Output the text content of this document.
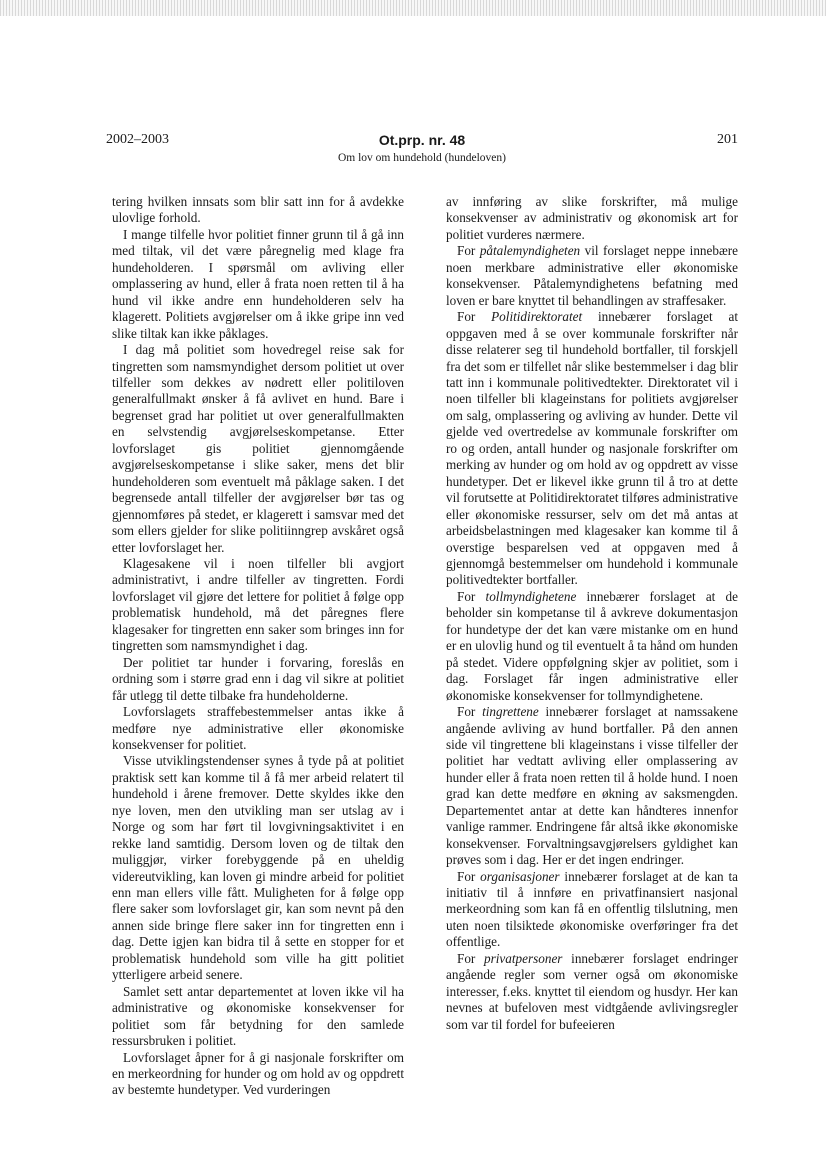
2002–2003	Ot.prp. nr. 48
Om lov om hundehold (hundeloven)
201

tering hvilken innsats som blir satt inn for å avdekke ulovlige forhold.

I mange tilfelle hvor politiet finner grunn til å gå inn med tiltak, vil det være påregnelig med klage fra hundeholderen. I spørsmål om avliving eller omplassering av hund, eller å frata noen retten til å ha hund vil ikke andre enn hundeholderen selv ha klagerett. Politiets avgjørelser om å ikke gripe inn ved slike tiltak kan ikke påklages.

I dag må politiet som hovedregel reise sak for tingretten som namsmyndighet dersom politiet ut over tilfeller som dekkes av nødrett eller politiloven generalfullmakt ønsker å få avlivet en hund. Bare i begrenset grad har politiet ut over generalfullmakten en selvstendig avgjørelseskompetanse. Etter lovforslaget gis politiet gjennomgående avgjørelseskompetanse i slike saker, mens det blir hundeholderen som eventuelt må påklage saken. I det begrensede antall tilfeller der avgjørelser bør tas og gjennomføres på stedet, er klagerett i samsvar med det som ellers gjelder for slike politiinngrep avskåret også etter lovforslaget her.

Klagesakene vil i noen tilfeller bli avgjort administrativt, i andre tilfeller av tingretten. Fordi lovforslaget vil gjøre det lettere for politiet å følge opp problematisk hundehold, må det påregnes flere klagesaker for tingretten enn saker som bringes inn for tingretten som namsmyndighet i dag.

Der politiet tar hunder i forvaring, foreslås en ordning som i større grad enn i dag vil sikre at politiet får utlegg til dette tilbake fra hundeholderne.

Lovforslagets straffebestemmelser antas ikke å medføre nye administrative eller økonomiske konsekvenser for politiet.

Visse utviklingstendenser synes å tyde på at politiet praktisk sett kan komme til å få mer arbeid relatert til hundehold i årene fremover. Dette skyldes ikke den nye loven, men den utvikling man ser utslag av i Norge og som har ført til lovgivningsaktivitet i en rekke land samtidig. Dersom loven og de tiltak den muliggjør, virker forebyggende på en uheldig videreutvikling, kan loven gi mindre arbeid for politiet enn man ellers ville fått. Muligheten for å følge opp flere saker som lovforslaget gir, kan som nevnt på den annen side bringe flere saker inn for tingretten enn i dag. Dette igjen kan bidra til å sette en stopper for et problematisk hundehold som ville ha gitt politiet ytterligere arbeid senere.

Samlet sett antar departementet at loven ikke vil ha administrative og økonomiske konsekvenser for politiet som får betydning for den samlede ressursbruken i politiet.

Lovforslaget åpner for å gi nasjonale forskrifter om en merkeordning for hunder og om hold av og oppdrett av bestemte hundetyper. Ved vurderingen

av innføring av slike forskrifter, må mulige konsekvenser av administrativ og økonomisk art for politiet vurderes nærmere.

For påtalemyndigheten vil forslaget neppe innebære noen merkbare administrative eller økonomiske konsekvenser. Påtalemyndighetens befatning med loven er bare knyttet til behandlingen av straffesaker.

For Politidirektoratet innebærer forslaget at oppgaven med å se over kommunale forskrifter når disse relaterer seg til hundehold bortfaller, til forskjell fra det som er tilfellet når slike bestemmelser i dag blir tatt inn i kommunale politivedtekter. Direktoratet vil i noen tilfeller bli klageinstans for politiets avgjørelser om salg, omplassering og avliving av hunder. Dette vil gjelde ved overtredelse av kommunale forskrifter om ro og orden, antall hunder og nasjonale forskrifter om merking av hunder og om hold av og oppdrett av visse hundetyper. Det er likevel ikke grunn til å tro at dette vil forutsette at Politidirektoratet tilføres administrative eller økonomiske ressurser, selv om det må antas at arbeidsbelastningen med klagesaker kan komme til å overstige besparelsen ved at oppgaven med å gjennomgå bestemmelser om hundehold i kommunale politivedtekter bortfaller.

For tollmyndighetene innebærer forslaget at de beholder sin kompetanse til å avkreve dokumentasjon for hundetype der det kan være mistanke om en hund er en ulovlig hund og til eventuelt å ta hånd om hunden på stedet. Videre oppfølgning skjer av politiet, som i dag. Forslaget får ingen administrative eller økonomiske konsekvenser for tollmyndighetene.

For tingrettene innebærer forslaget at namssakene angående avliving av hund bortfaller. På den annen side vil tingrettene bli klageinstans i visse tilfeller der politiet har vedtatt avliving eller omplassering av hunder eller å frata noen retten til å holde hund. I noen grad kan dette medføre en økning av saksmengden. Departementet antar at dette kan håndteres innenfor vanlige rammer. Endringene får altså ikke økonomiske konsekvenser. Forvaltningsavgjørelsers gyldighet kan prøves som i dag. Her er det ingen endringer.

For organisasjoner innebærer forslaget at de kan ta initiativ til å innføre en privatfinansiert nasjonal merkeordning som kan få en offentlig tilslutning, men uten noen tilsiktede økonomiske overføringer fra det offentlige.

For privatpersoner innebærer forslaget endringer angående regler som verner også om økonomiske interesser, f.eks. knyttet til eiendom og husdyr. Her kan nevnes at bufeloven mest vidtgående avlivingsregler som var til fordel for bufeeieren
